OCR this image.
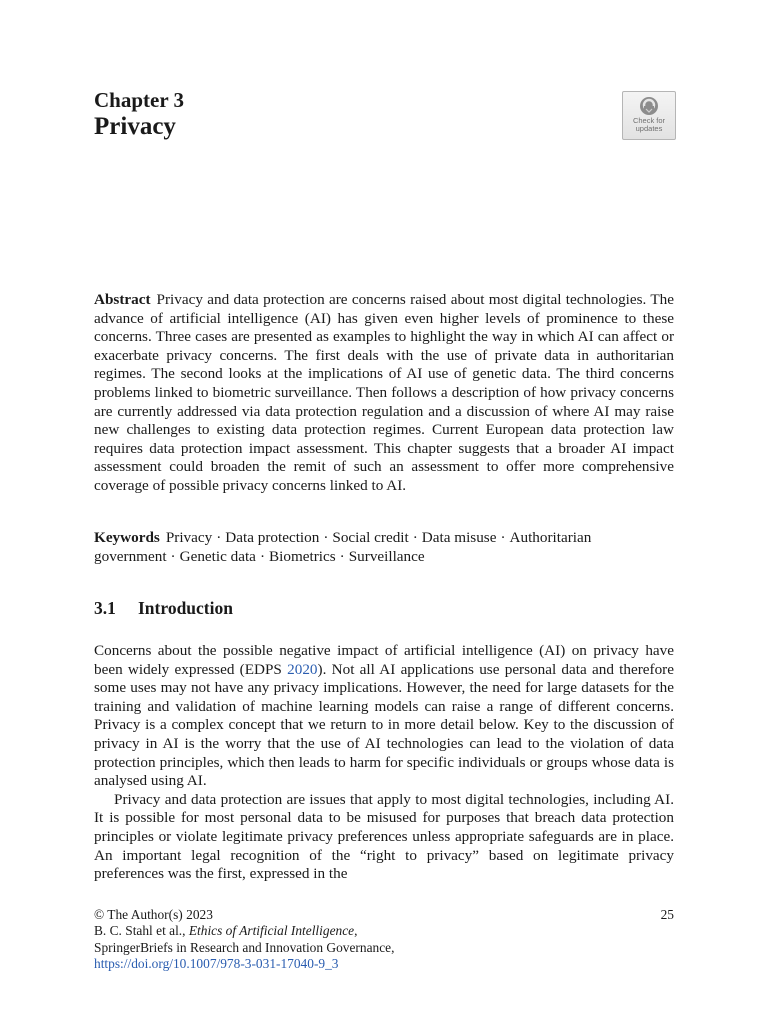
Chapter 3
Privacy	Check for updates
Abstract Privacy and data protection are concerns raised about most digital technologies. The advance of artificial intelligence (AI) has given even higher levels of prominence to these concerns. Three cases are presented as examples to highlight the way in which AI can affect or exacerbate privacy concerns. The first deals with the use of private data in authoritarian regimes. The second looks at the implications of AI use of genetic data. The third concerns problems linked to biometric surveillance. Then follows a description of how privacy concerns are currently addressed via data protection regulation and a discussion of where AI may raise new challenges to existing data protection regimes. Current European data protection law requires data protection impact assessment. This chapter suggests that a broader AI impact assessment could broaden the remit of such an assessment to offer more comprehensive coverage of possible privacy concerns linked to AI.
Keywords Privacy · Data protection · Social credit · Data misuse · Authoritarian government · Genetic data · Biometrics · Surveillance
3.1 Introduction

Concerns about the possible negative impact of artificial intelligence (AI) on privacy have been widely expressed (EDPS 2020). Not all AI applications use personal data and therefore some uses may not have any privacy implications. However, the need for large datasets for the training and validation of machine learning models can raise a range of different concerns. Privacy is a complex concept that we return to in more detail below. Key to the discussion of privacy in AI is the worry that the use of AI technologies can lead to the violation of data protection principles, which then leads to harm for specific individuals or groups whose data is analysed using AI.

Privacy and data protection are issues that apply to most digital technologies, including AI. It is possible for most personal data to be misused for purposes that breach data protection principles or violate legitimate privacy preferences unless appropriate safeguards are in place. An important legal recognition of the “right to privacy” based on legitimate privacy preferences was the first, expressed in the

© The Author(s) 2023
B. C. Stahl et al., Ethics of Artificial Intelligence,
SpringerBriefs in Research and Innovation Governance,
https://doi.org/10.1007/978-3-031-17040-9_3
25
